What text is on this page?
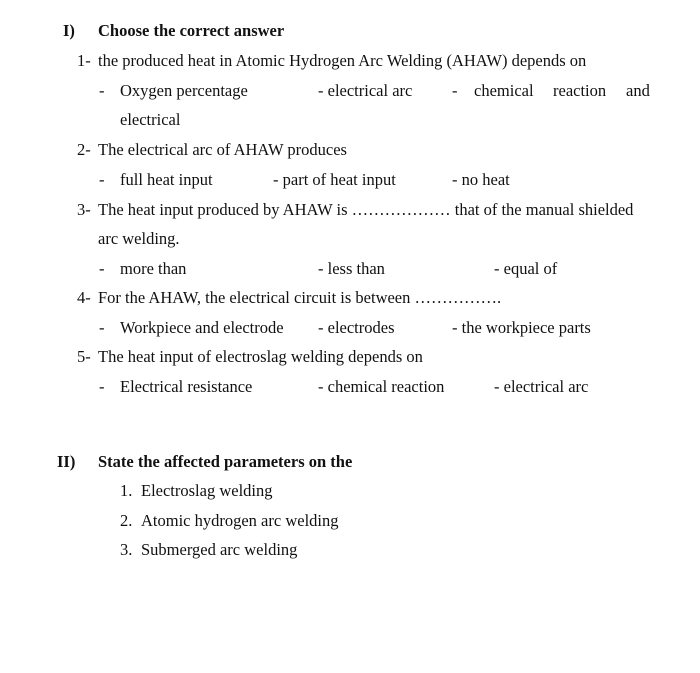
I) Choose the correct answer
1- the produced heat in Atomic Hydrogen Arc Welding (AHAW) depends on
- Oxygen percentage	- electrical arc - chemical reaction and
electrical
2- The electrical arc of AHAW produces
- full heat input	- part of heat input	- no heat
3- The heat input produced by AHAW is ……………… that of the manual shielded
arc welding.
- more than	- less than	- equal of
4- For the AHAW, the electrical circuit is between …………….
- Workpiece and electrode - electrodes	- the workpiece parts
5- The heat input of electroslag welding depends on
- Electrical resistance	- chemical reaction	- electrical arc
II) State the affected parameters on the
1. Electroslag welding
2. Atomic hydrogen arc welding
3. Submerged arc welding
